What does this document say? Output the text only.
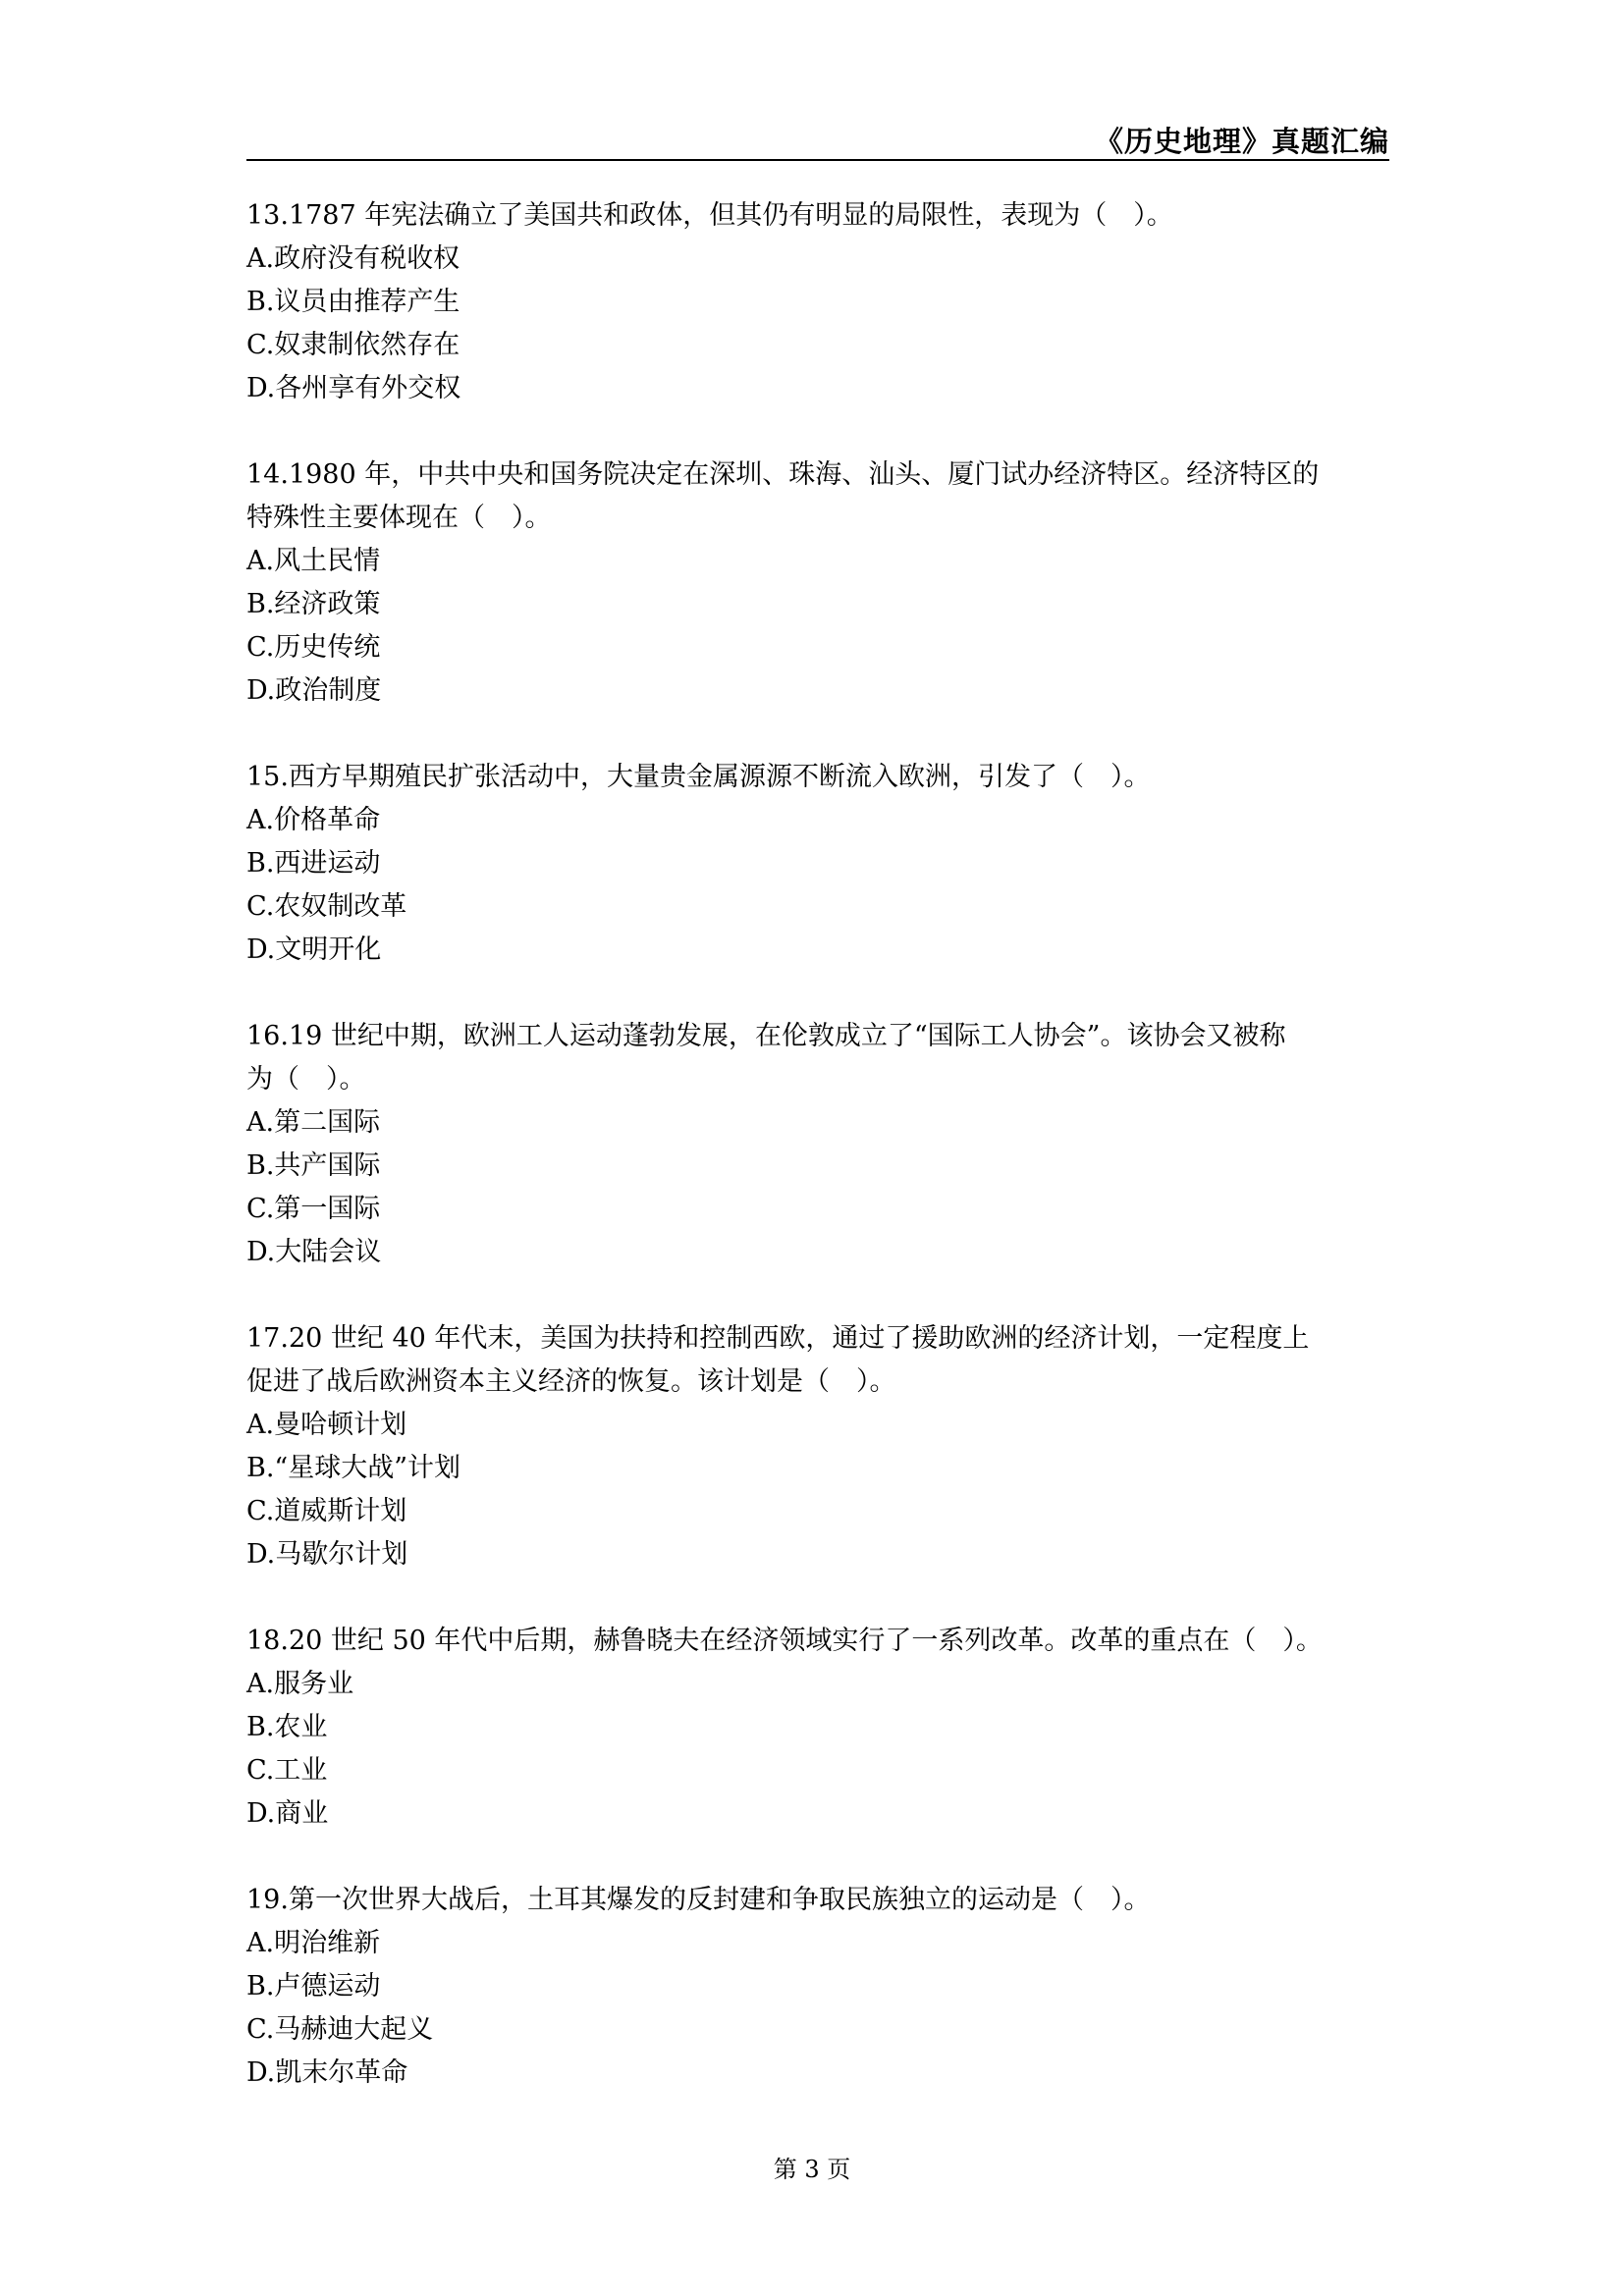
《历史地理》真题汇编
13.1787 年宪法确立了美国共和政体，但其仍有明显的局限性，表现为（　）。
A.政府没有税收权
B.议员由推荐产生
C.奴隶制依然存在
D.各州享有外交权
14.1980 年，中共中央和国务院决定在深圳、珠海、汕头、厦门试办经济特区。经济特区的
特殊性主要体现在（　）。
A.风土民情
B.经济政策
C.历史传统
D.政治制度
15.西方早期殖民扩张活动中，大量贵金属源源不断流入欧洲，引发了（　）。
A.价格革命
B.西进运动
C.农奴制改革
D.文明开化
16.19 世纪中期，欧洲工人运动蓬勃发展，在伦敦成立了“国际工人协会”。该协会又被称
为（　）。
A.第二国际
B.共产国际
C.第一国际
D.大陆会议
17.20 世纪 40 年代末，美国为扶持和控制西欧，通过了援助欧洲的经济计划，一定程度上
促进了战后欧洲资本主义经济的恢复。该计划是（　）。
A.曼哈顿计划
B.“星球大战”计划
C.道威斯计划
D.马歇尔计划
18.20 世纪 50 年代中后期，赫鲁晓夫在经济领域实行了一系列改革。改革的重点在（　）。
A.服务业
B.农业
C.工业
D.商业
19.第一次世界大战后，土耳其爆发的反封建和争取民族独立的运动是（　）。
A.明治维新
B.卢德运动
C.马赫迪大起义
D.凯末尔革命
第 3 页
